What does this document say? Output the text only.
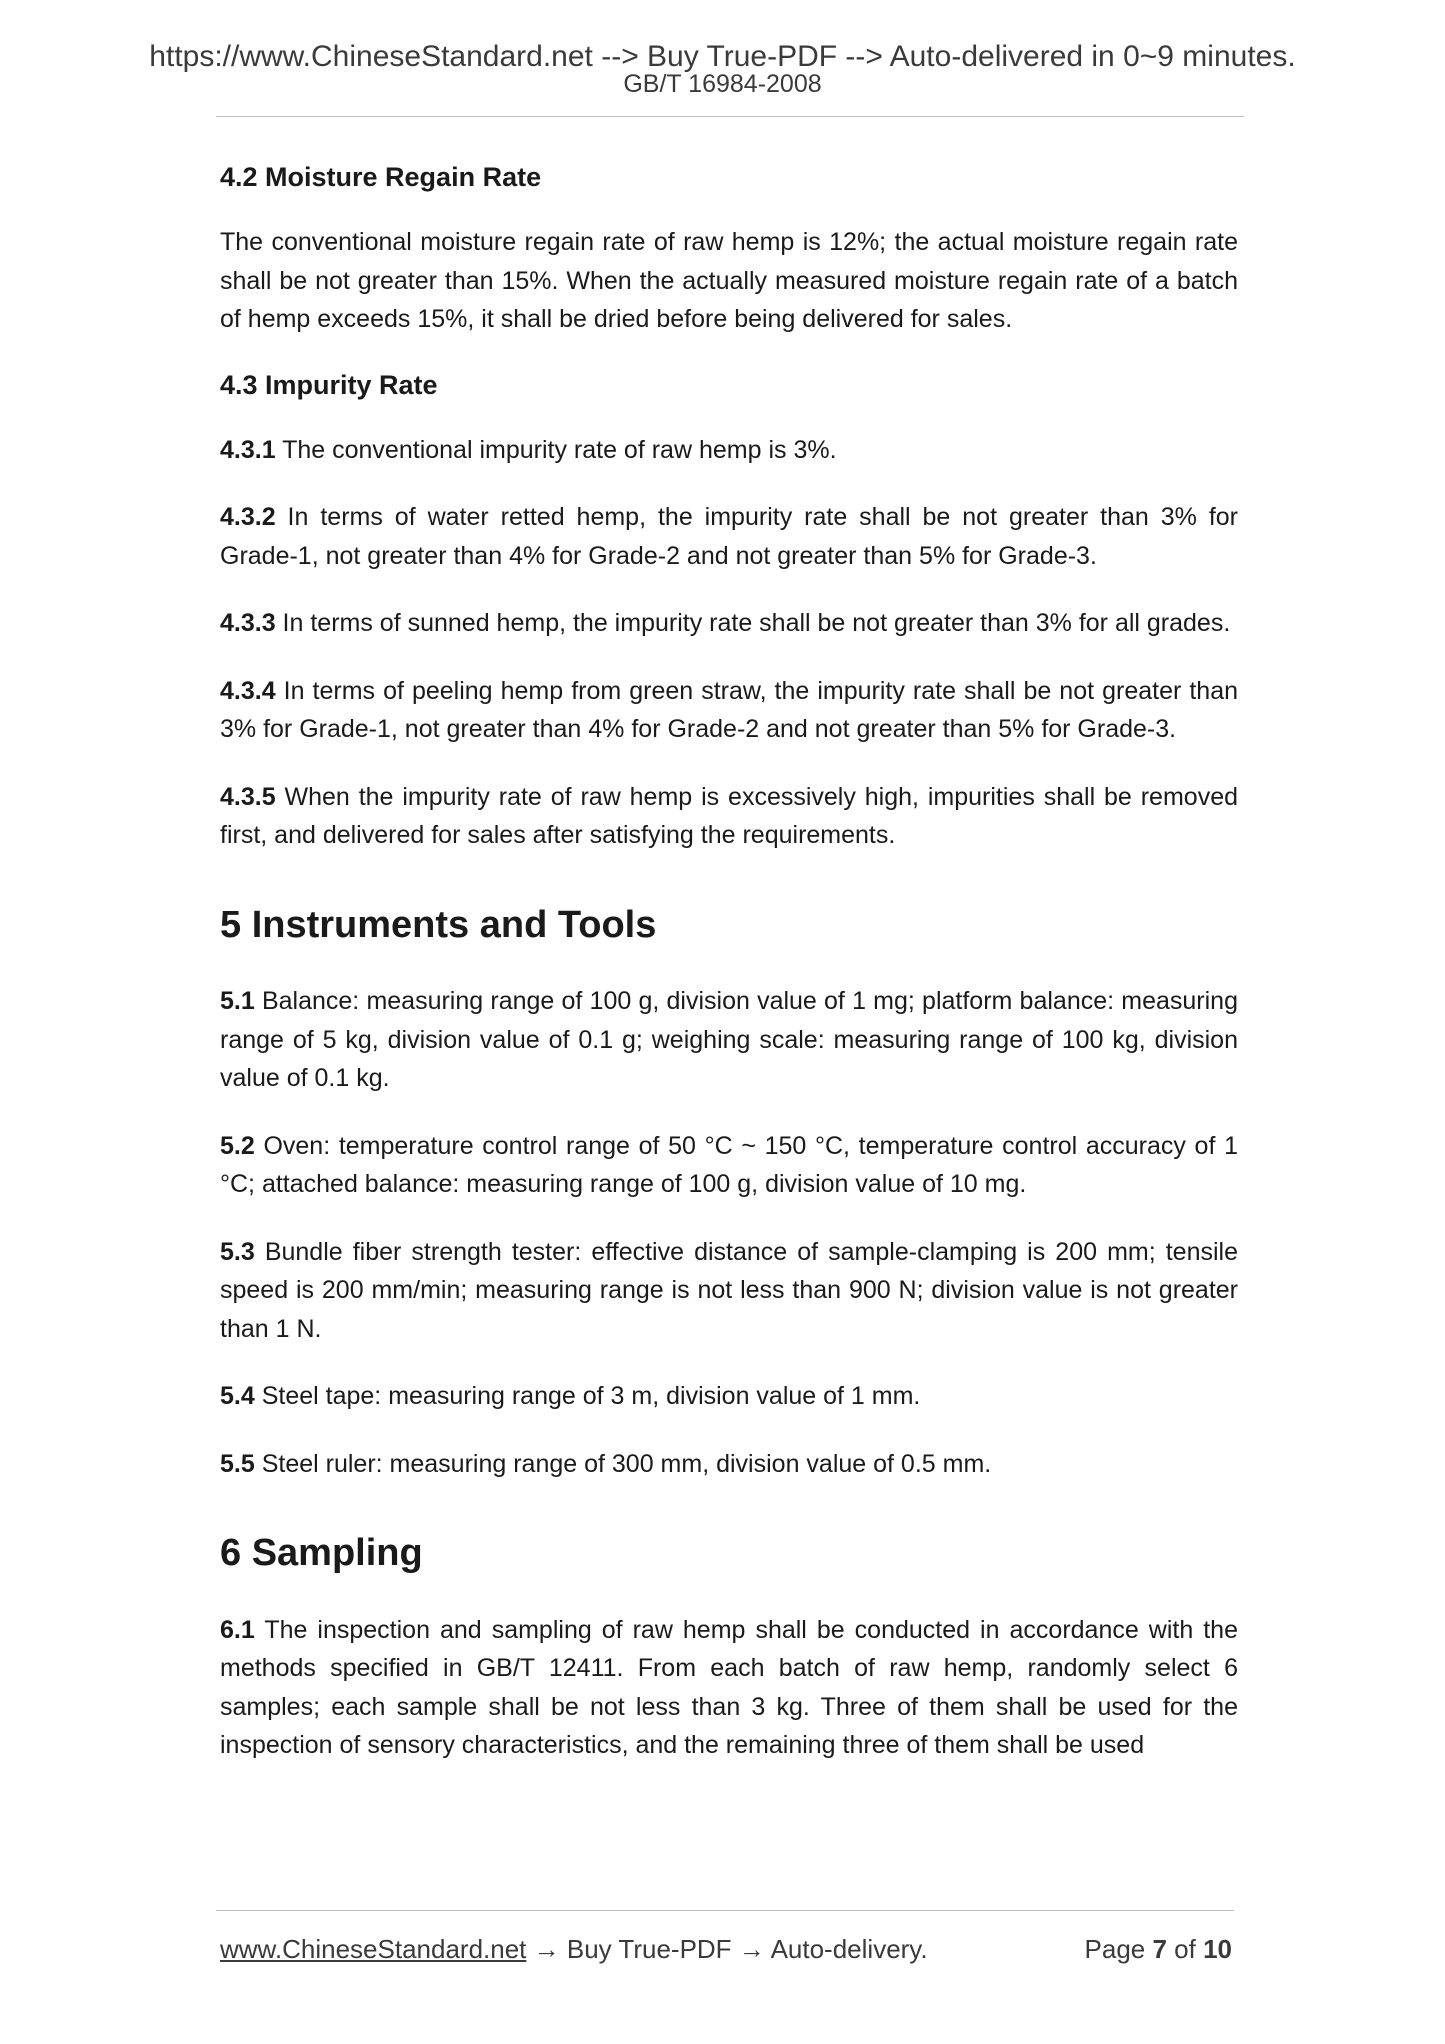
https://www.ChineseStandard.net --> Buy True-PDF --> Auto-delivered in 0~9 minutes.
GB/T 16984-2008
4.2 Moisture Regain Rate

The conventional moisture regain rate of raw hemp is 12%; the actual moisture regain rate shall be not greater than 15%. When the actually measured moisture regain rate of a batch of hemp exceeds 15%, it shall be dried before being delivered for sales.

4.3 Impurity Rate

4.3.1 The conventional impurity rate of raw hemp is 3%.

4.3.2 In terms of water retted hemp, the impurity rate shall be not greater than 3% for Grade-1, not greater than 4% for Grade-2 and not greater than 5% for Grade-3.

4.3.3 In terms of sunned hemp, the impurity rate shall be not greater than 3% for all grades.

4.3.4 In terms of peeling hemp from green straw, the impurity rate shall be not greater than 3% for Grade-1, not greater than 4% for Grade-2 and not greater than 5% for Grade-3.

4.3.5 When the impurity rate of raw hemp is excessively high, impurities shall be removed first, and delivered for sales after satisfying the requirements.

5 Instruments and Tools

5.1 Balance: measuring range of 100 g, division value of 1 mg; platform balance: measuring range of 5 kg, division value of 0.1 g; weighing scale: measuring range of 100 kg, division value of 0.1 kg.

5.2 Oven: temperature control range of 50 °C ~ 150 °C, temperature control accuracy of 1 °C; attached balance: measuring range of 100 g, division value of 10 mg.

5.3 Bundle fiber strength tester: effective distance of sample-clamping is 200 mm; tensile speed is 200 mm/min; measuring range is not less than 900 N; division value is not greater than 1 N.

5.4 Steel tape: measuring range of 3 m, division value of 1 mm.

5.5 Steel ruler: measuring range of 300 mm, division value of 0.5 mm.

6 Sampling

6.1 The inspection and sampling of raw hemp shall be conducted in accordance with the methods specified in GB/T 12411. From each batch of raw hemp, randomly select 6 samples; each sample shall be not less than 3 kg. Three of them shall be used for the inspection of sensory characteristics, and the remaining three of them shall be used

www.ChineseStandard.net → Buy True-PDF → Auto-delivery.	Page 7 of 10
